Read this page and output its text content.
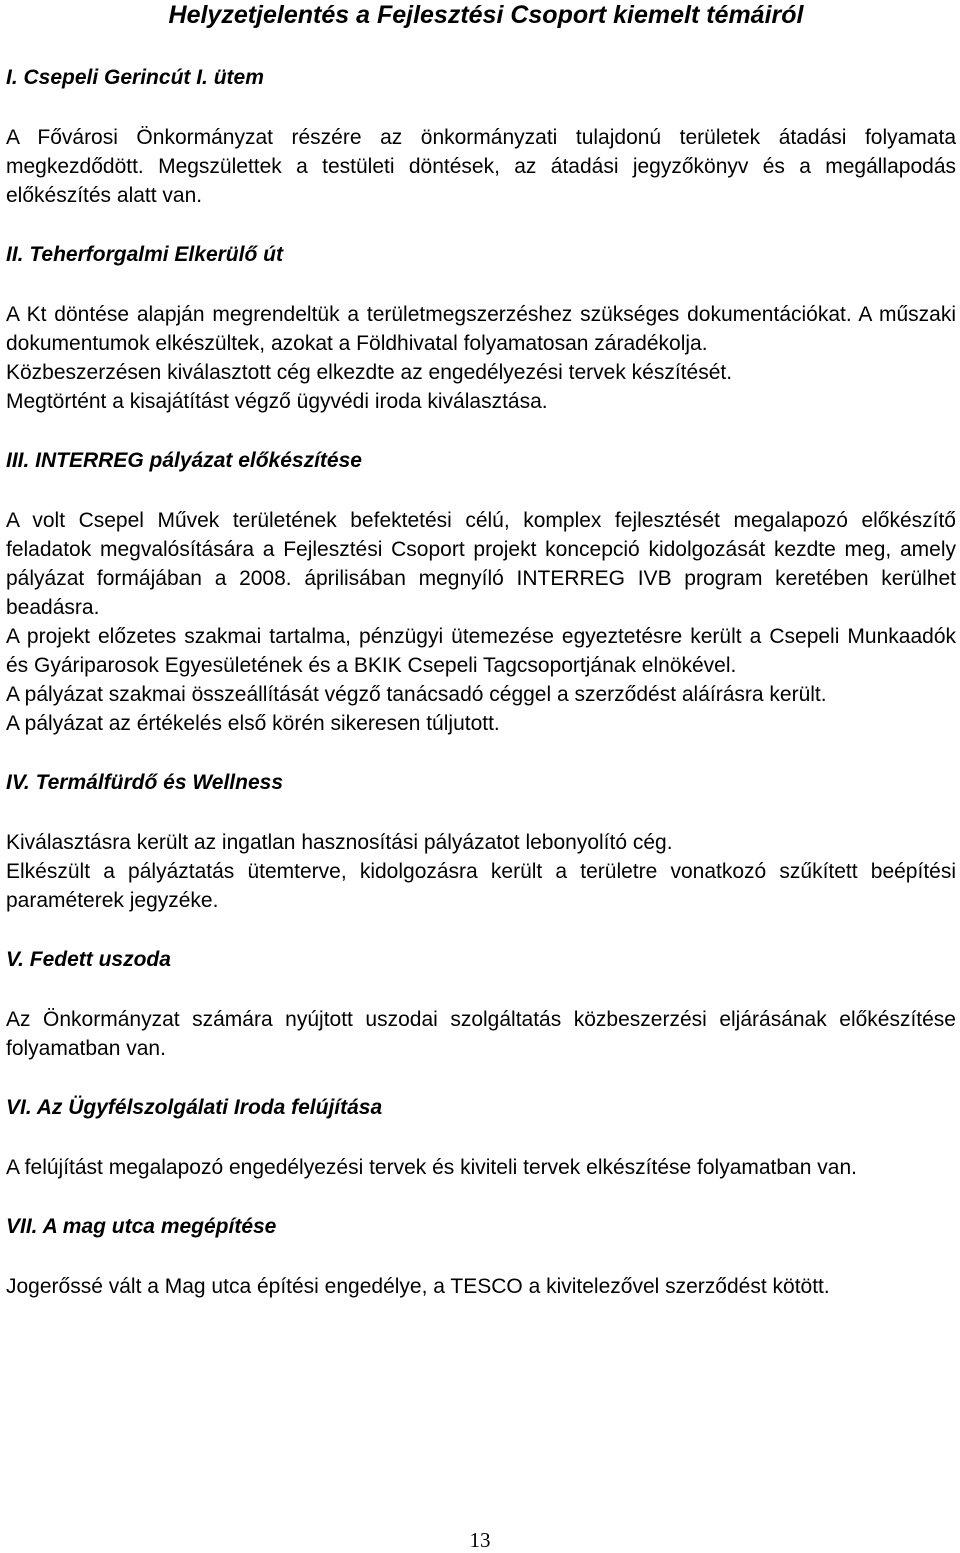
Helyzetjelentés a Fejlesztési Csoport kiemelt témáiról
I. Csepeli Gerincút I. ütem

A Fővárosi Önkormányzat részére az önkormányzati tulajdonú területek átadási folyamata megkezdődött. Megszülettek a testületi döntések, az átadási jegyzőkönyv és a megállapodás előkészítés alatt van.

II. Teherforgalmi Elkerülő út

A Kt döntése alapján megrendeltük a területmegszerzéshez szükséges dokumentációkat. A műszaki dokumentumok elkészültek, azokat a Földhivatal folyamatosan záradékolja.

Közbeszerzésen kiválasztott cég elkezdte az engedélyezési tervek készítését.

Megtörtént a kisajátítást végző ügyvédi iroda kiválasztása.

III. INTERREG pályázat előkészítése

A volt Csepel Művek területének befektetési célú, komplex fejlesztését megalapozó előkészítő feladatok megvalósítására a Fejlesztési Csoport projekt koncepció kidolgozását kezdte meg, amely pályázat formájában a 2008. áprilisában megnyíló INTERREG IVB program keretében kerülhet beadásra.

A projekt előzetes szakmai tartalma, pénzügyi ütemezése egyeztetésre került a Csepeli Munkaadók és Gyáriparosok Egyesületének és a BKIK Csepeli Tagcsoportjának elnökével.

A pályázat szakmai összeállítását végző tanácsadó céggel a szerződést aláírásra került.

A pályázat az értékelés első körén sikeresen túljutott.

IV. Termálfürdő és Wellness

Kiválasztásra került az ingatlan hasznosítási pályázatot lebonyolító cég.

Elkészült a pályáztatás ütemterve, kidolgozásra került a területre vonatkozó szűkített beépítési paraméterek jegyzéke.

V. Fedett uszoda

Az Önkormányzat számára nyújtott uszodai szolgáltatás közbeszerzési eljárásának előkészítése folyamatban van.

VI. Az Ügyfélszolgálati Iroda felújítása

A felújítást megalapozó engedélyezési tervek és kiviteli tervek elkészítése folyamatban van.

VII. A mag utca megépítése

Jogerőssé vált a Mag utca építési engedélye, a TESCO a kivitelezővel szerződést kötött.

13
